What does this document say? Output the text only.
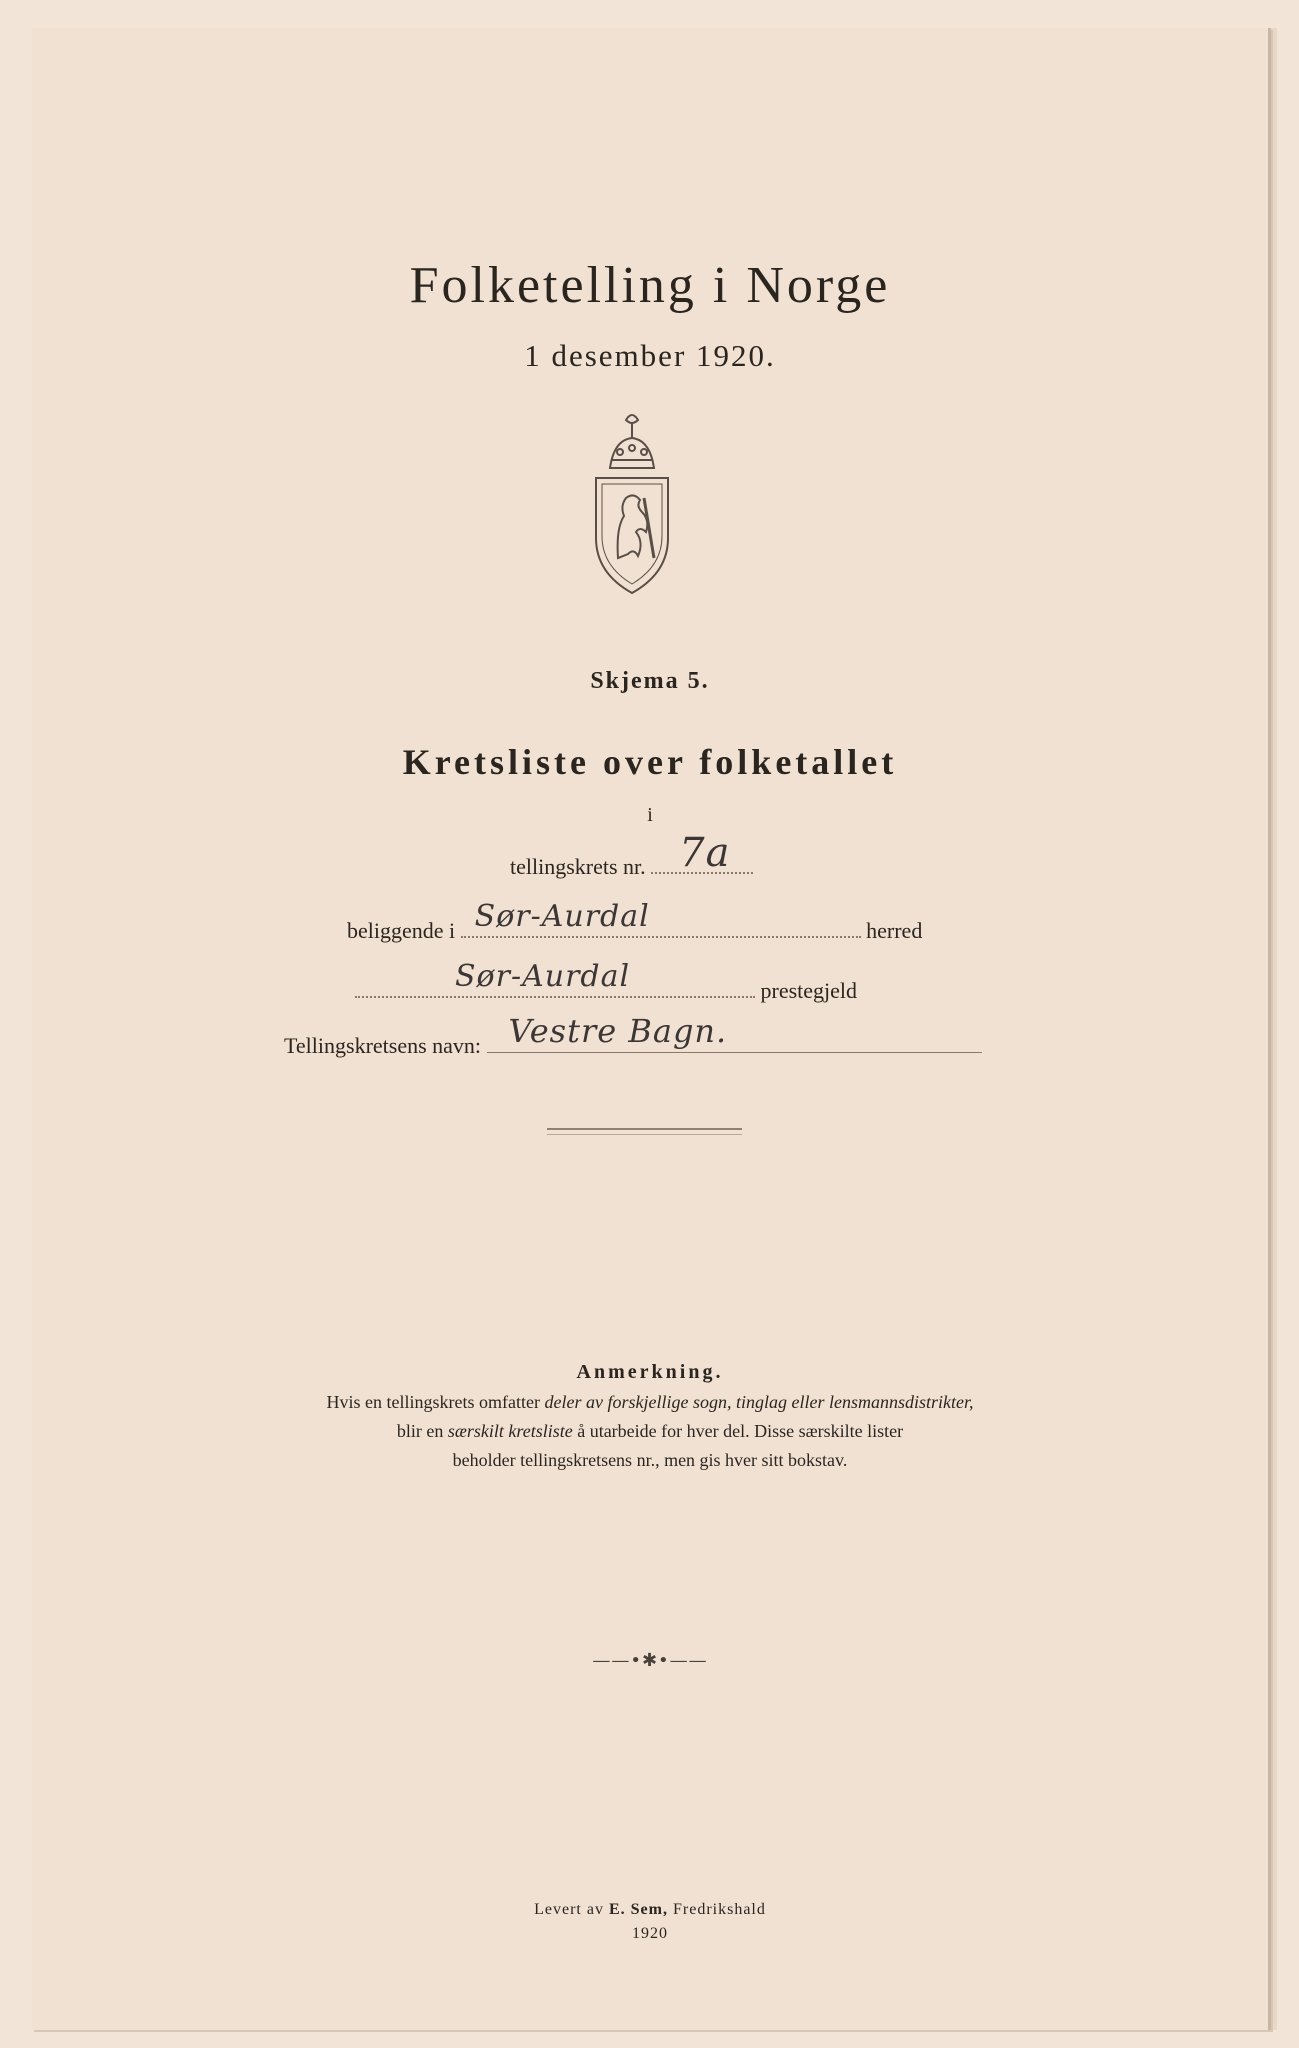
Folketelling i Norge
1 desember 1920.
Skjema 5.
Kretsliste over folketallet
i
tellingskrets nr. 7a
beliggende i Sør-Aurdal	herred
Sør-Aurdal	prestegjeld
Tellingskretsens navn: Vestre Bagn.
Anmerkning.
Hvis en tellingskrets omfatter deler av forskjellige sogn, tinglag eller lensmannsdistrikter,
blir en særskilt kretsliste å utarbeide for hver del. Disse særskilte lister
beholder tellingskretsens nr., men gis hver sitt bokstav.
——•✱•——
Levert av E. Sem, Fredrikshald
1920
